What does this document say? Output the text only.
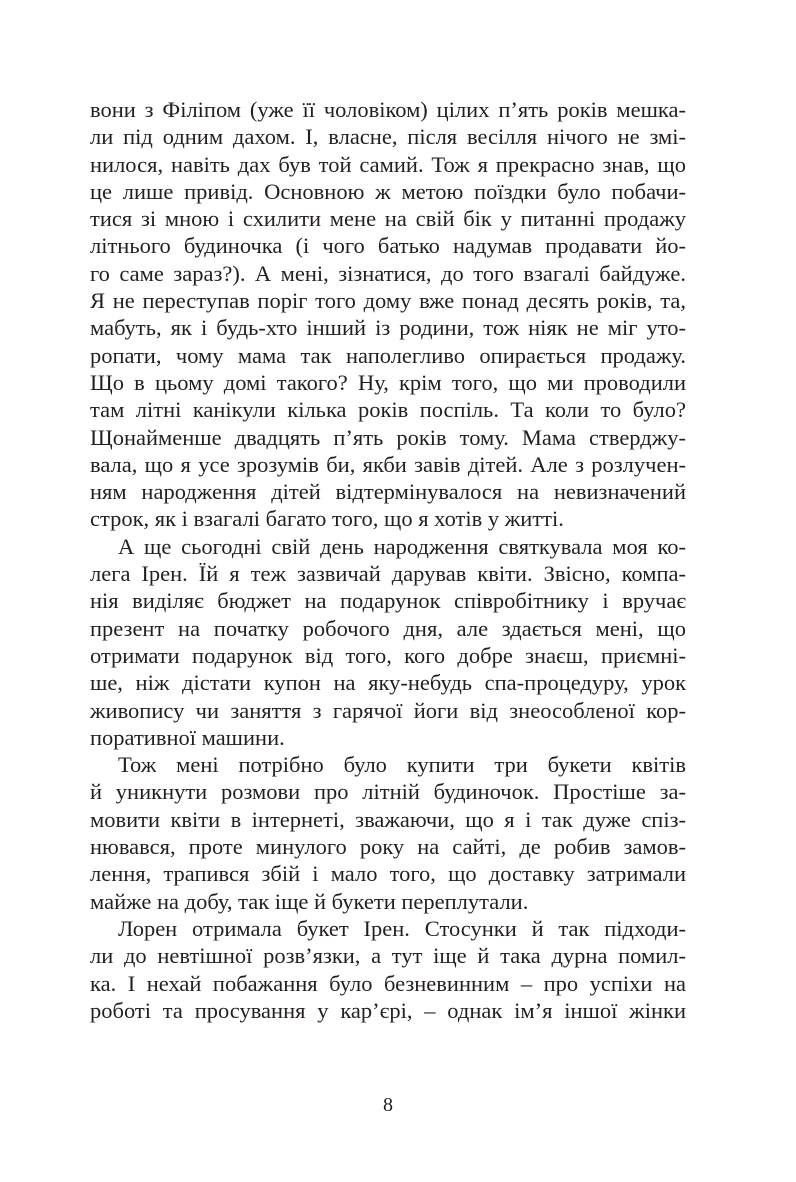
вони з Філіпом (уже її чоловіком) цілих п’ять років мешка-
ли під одним дахом. І, власне, після весілля нічого не змі-
нилося, навіть дах був той самий. Тож я прекрасно знав, що
це лише привід. Основною ж метою поїздки було побачи-
тися зі мною і схилити мене на свій бік у питанні продажу
літнього будиночка (і чого батько надумав продавати йо-
го саме зараз?). А мені, зізнатися, до того взагалі байдуже.
Я не переступав поріг того дому вже понад десять років, та,
мабуть, як і будь-хто інший із родини, тож ніяк не міг уто-
ропати, чому мама так наполегливо опирається продажу.
Що в цьому домі такого? Ну, крім того, що ми проводили
там літні канікули кілька років поспіль. Та коли то було?
Щонайменше двадцять п’ять років тому. Мама стверджу-
вала, що я усе зрозумів би, якби завів дітей. Але з розлучен-
ням народження дітей відтермінувалося на невизначений
строк, як і взагалі багато того, що я хотів у житті.
А ще сьогодні свій день народження святкувала моя ко-
лега Ірен. Їй я теж зазвичай дарував квіти. Звісно, компа-
нія виділяє бюджет на подарунок співробітнику і вручає
презент на початку робочого дня, але здається мені, що
отримати подарунок від того, кого добре знаєш, приємні-
ше, ніж дістати купон на яку-небудь спа-процедуру, урок
живопису чи заняття з гарячої йоги від знеособленої кор-
поративної машини.
Тож мені потрібно було купити три букети квітів
й уникнути розмови про літній будиночок. Простіше за-
мовити квіти в інтернеті, зважаючи, що я і так дуже спіз-
нювався, проте минулого року на сайті, де робив замов-
лення, трапився збій і мало того, що доставку затримали
майже на добу, так іще й букети переплутали.
Лорен отримала букет Ірен. Стосунки й так підходи-
ли до невтішної розв’язки, а тут іще й така дурна помил-
ка. І нехай побажання було безневинним – про успіхи на
роботі та просування у кар’єрі, – однак ім’я іншої жінки
8
